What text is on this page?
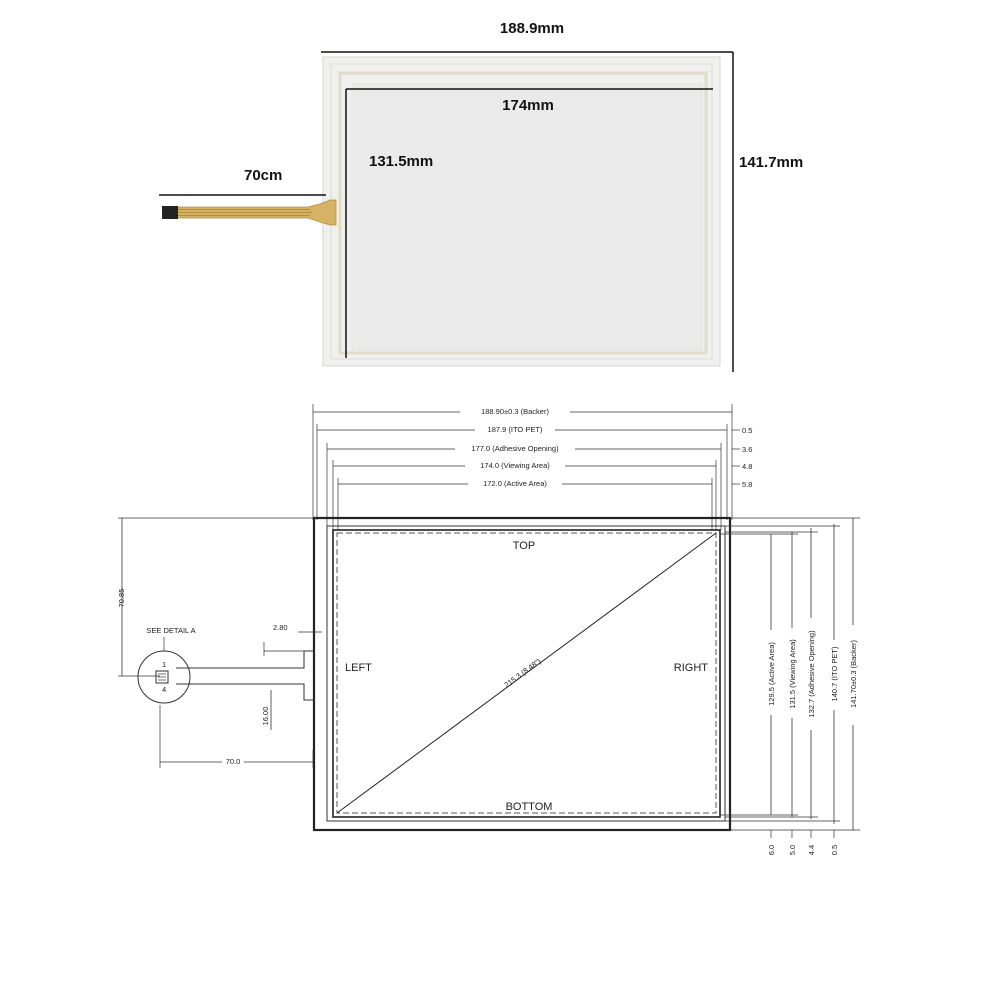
188.9mm
141.7mm
174mm
131.5mm
70cm
188.90±0.3 (Backer)
187.9 (ITO PET)
177.0 (Adhesive Opening)
174.0 (Viewing Area)
172.0 (Active Area)
0.5
3.6
4.8
5.8
TOP
BOTTOM
LEFT	RIGHT
215.3 (8.48")	129.5 (Active Area) 131.5 (Viewing Area) 132.7 (Adhesive Opening) 140.7 (ITO PET) 141.70±0.3 (Backer)
6.0 5.0 4.4 0.5
70.85
SEE DETAIL A
1
4
2.80
16.00
70.0
